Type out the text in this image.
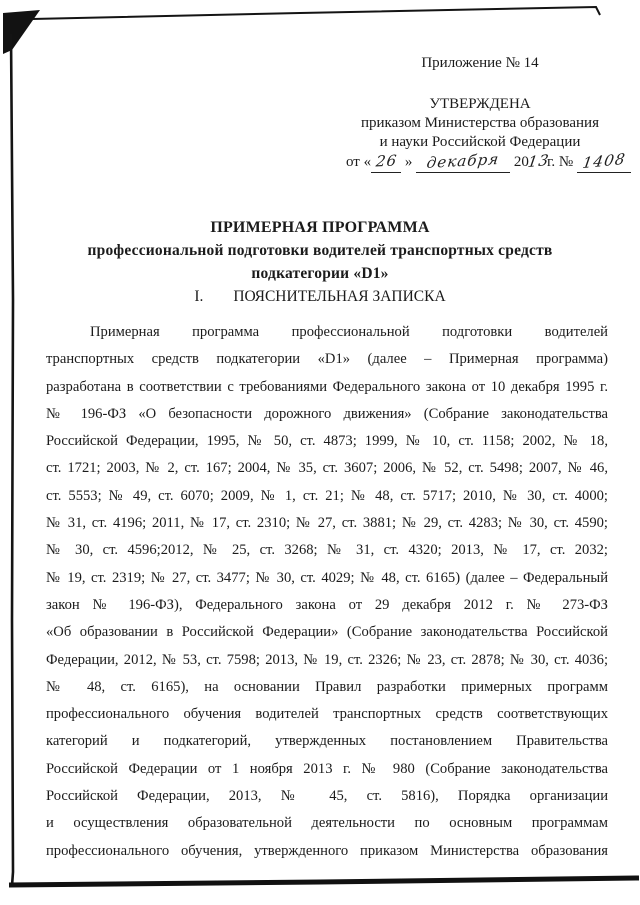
Приложение № 14
УТВЕРЖДЕНА
приказом Министерства образования
и науки Российской Федерации
от « 26 » декабря 2013г. № 1408
ПРИМЕРНАЯ ПРОГРАММА
профессиональной подготовки водителей транспортных средств
подкатегории «D1»
I. ПОЯСНИТЕЛЬНАЯ ЗАПИСКА
Примерная программа профессиональной подготовки водителей
транспортных средств подкатегории «D1» (далее – Примерная программа)
разработана в соответствии с требованиями Федерального закона от 10 декабря 1995 г.
№ 196-ФЗ «О безопасности дорожного движения» (Собрание законодательства
Российской Федерации, 1995, № 50, ст. 4873; 1999, № 10, ст. 1158; 2002, № 18,
ст. 1721; 2003, № 2, ст. 167; 2004, № 35, ст. 3607; 2006, № 52, ст. 5498; 2007, № 46,
ст. 5553; № 49, ст. 6070; 2009, № 1, ст. 21; № 48, ст. 5717; 2010, № 30, ст. 4000;
№ 31, ст. 4196; 2011, № 17, ст. 2310; № 27, ст. 3881; № 29, ст. 4283; № 30, ст. 4590;
№ 30, ст. 4596;2012, № 25, ст. 3268; № 31, ст. 4320; 2013, № 17, ст. 2032;
№ 19, ст. 2319; № 27, ст. 3477; № 30, ст. 4029; № 48, ст. 6165) (далее – Федеральный
закон № 196-ФЗ), Федерального закона от 29 декабря 2012 г. № 273-ФЗ
«Об образовании в Российской Федерации» (Собрание законодательства Российской
Федерации, 2012, № 53, ст. 7598; 2013, № 19, ст. 2326; № 23, ст. 2878; № 30, ст. 4036;
№ 48, ст. 6165), на основании Правил разработки примерных программ
профессионального обучения водителей транспортных средств соответствующих
категорий и подкатегорий, утвержденных постановлением Правительства
Российской Федерации от 1 ноября 2013 г. № 980 (Собрание законодательства
Российской Федерации, 2013, № 45, ст. 5816), Порядка организации
и осуществления образовательной деятельности по основным программам
профессионального обучения, утвержденного приказом Министерства образования
